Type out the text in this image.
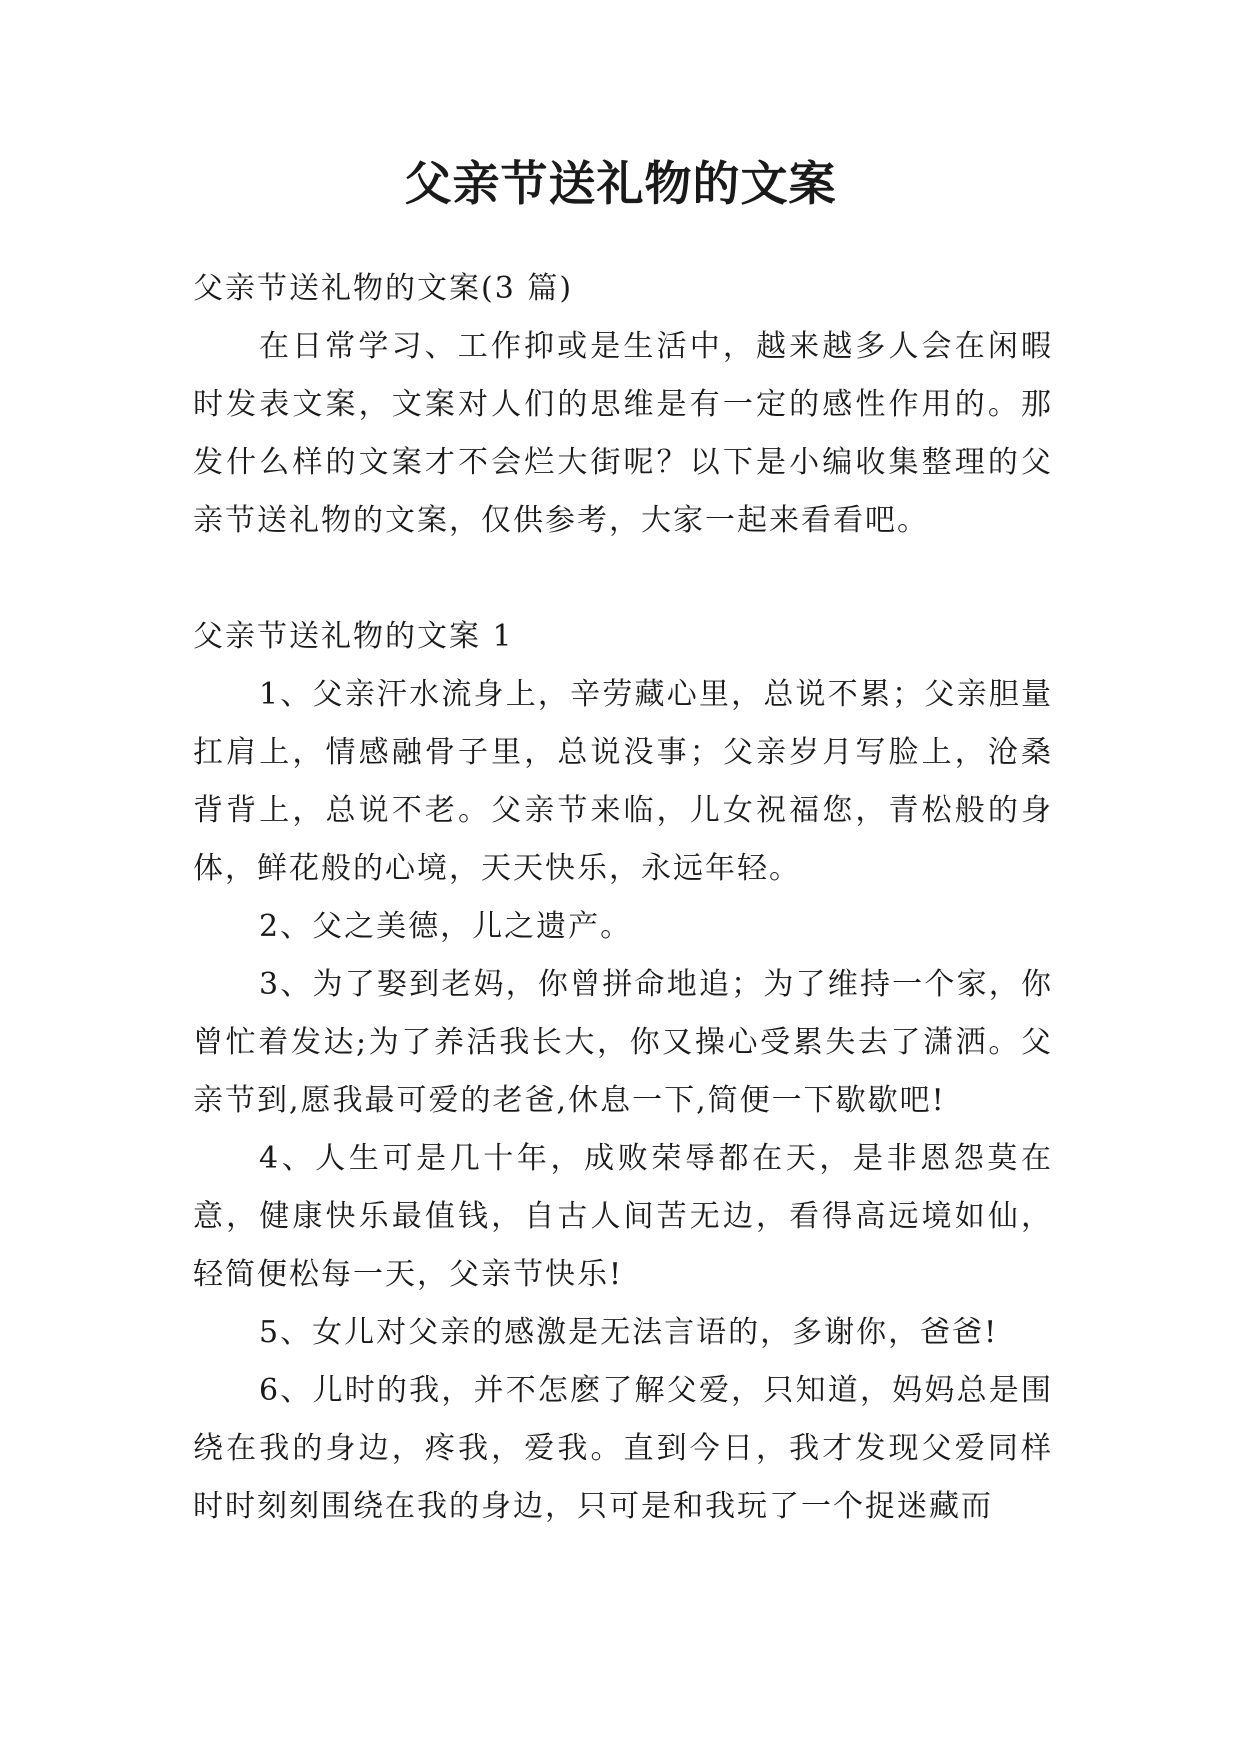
父亲节送礼物的文案

父亲节送礼物的文案(3 篇)

在日常学习、工作抑或是生活中，越来越多人会在闲暇时发表文案，文案对人们的思维是有一定的感性作用的。那发什么样的文案才不会烂大街呢？以下是小编收集整理的父亲节送礼物的文案，仅供参考，大家一起来看看吧。

父亲节送礼物的文案 1

1、父亲汗水流身上，辛劳藏心里，总说不累；父亲胆量扛肩上，情感融骨子里，总说没事；父亲岁月写脸上，沧桑背背上，总说不老。父亲节来临，儿女祝福您，青松般的身体，鲜花般的心境，天天快乐，永远年轻。

2、父之美德，儿之遗产。

3、为了娶到老妈，你曾拼命地追；为了维持一个家，你曾忙着发达;为了养活我长大，你又操心受累失去了潇洒。父亲节到,愿我最可爱的老爸,休息一下,简便一下歇歇吧!

4、人生可是几十年，成败荣辱都在天，是非恩怨莫在意，健康快乐最值钱，自古人间苦无边，看得高远境如仙，轻简便松每一天，父亲节快乐!

5、女儿对父亲的感激是无法言语的，多谢你，爸爸!

6、儿时的我，并不怎麽了解父爱，只知道，妈妈总是围绕在我的身边，疼我，爱我。直到今日，我才发现父爱同样时时刻刻围绕在我的身边，只可是和我玩了一个捉迷藏而
